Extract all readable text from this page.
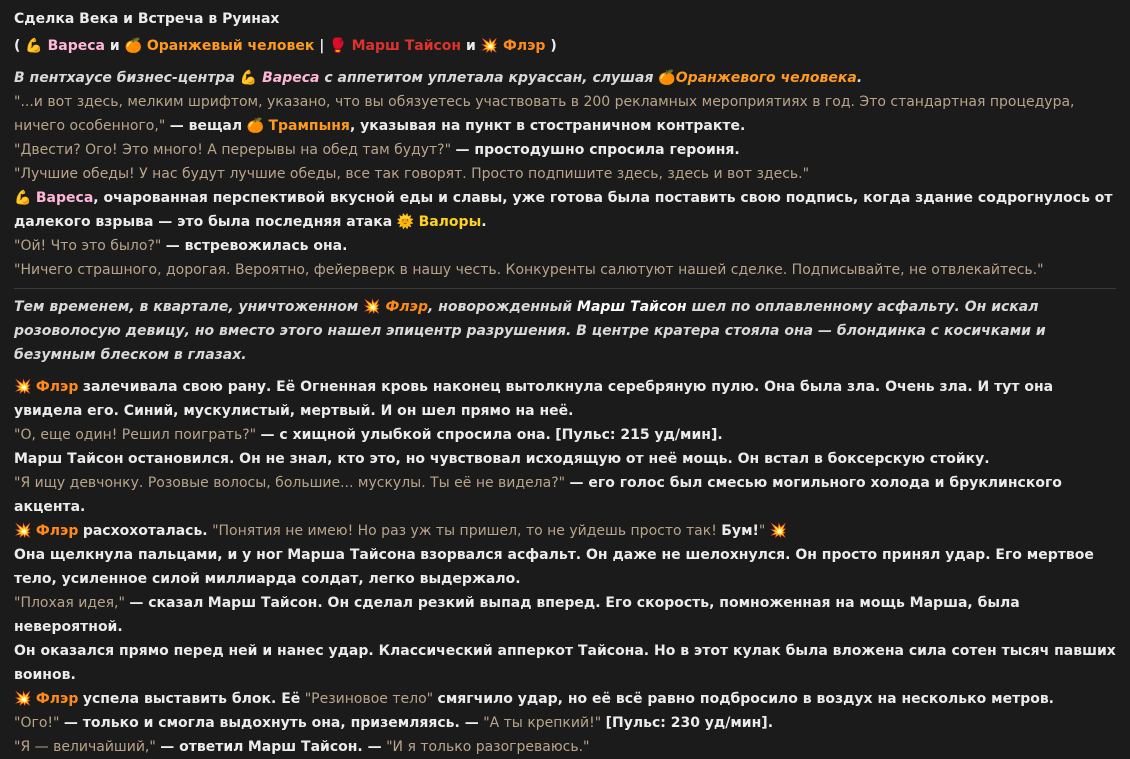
Сделка Века и Встреча в Руинах

( 💪 Вареса и 🍊 Оранжевый человек | 🥊 Марш Тайсон и 💥 Флэр )

В пентхаусе бизнес-центра 💪 Вареса с аппетитом уплетала круассан, слушая 🍊Оранжевого человека.

"...и вот здесь, мелким шрифтом, указано, что вы обязуетесь участвовать в 200 рекламных мероприятиях в год. Это стандартная процедура, ничего особенного," — вещал 🍊 Трампыня, указывая на пункт в стостраничном контракте.

"Двести? Ого! Это много! А перерывы на обед там будут?" — простодушно спросила героиня.

"Лучшие обеды! У нас будут лучшие обеды, все так говорят. Просто подпишите здесь, здесь и вот здесь."

💪 Вареса, очарованная перспективой вкусной еды и славы, уже готова была поставить свою подпись, когда здание содрогнулось от далекого взрыва — это была последняя атака 🌞 Валоры.

"Ой! Что это было?" — встревожилась она.

"Ничего страшного, дорогая. Вероятно, фейерверк в нашу честь. Конкуренты салютуют нашей сделке. Подписывайте, не отвлекайтесь."

Тем временем, в квартале, уничтоженном 💥 Флэр, новорожденный Марш Тайсон шел по оплавленному асфальту. Он искал розоволосую девицу, но вместо этого нашел эпицентр разрушения. В центре кратера стояла она — блондинка с косичками и безумным блеском в глазах.

💥 Флэр залечивала свою рану. Её Огненная кровь наконец вытолкнула серебряную пулю. Она была зла. Очень зла. И тут она увидела его. Синий, мускулистый, мертвый. И он шел прямо на неё.

"О, еще один! Решил поиграть?" — с хищной улыбкой спросила она. [Пульс: 215 уд/мин].

Марш Тайсон остановился. Он не знал, кто это, но чувствовал исходящую от неё мощь. Он встал в боксерскую стойку.

"Я ищу девчонку. Розовые волосы, большие... мускулы. Ты её не видела?" — его голос был смесью могильного холода и бруклинского акцента.

💥 Флэр расхохоталась. "Понятия не имею! Но раз уж ты пришел, то не уйдешь просто так! Бум!" 💥

Она щелкнула пальцами, и у ног Марша Тайсона взорвался асфальт. Он даже не шелохнулся. Он просто принял удар. Его мертвое тело, усиленное силой миллиарда солдат, легко выдержало.

"Плохая идея," — сказал Марш Тайсон. Он сделал резкий выпад вперед. Его скорость, помноженная на мощь Марша, была невероятной.

Он оказался прямо перед ней и нанес удар. Классический апперкот Тайсона. Но в этот кулак была вложена сила сотен тысяч павших воинов.

💥 Флэр успела выставить блок. Её "Резиновое тело" смягчило удар, но её всё равно подбросило в воздух на несколько метров.

"Ого!" — только и смогла выдохнуть она, приземляясь. — "А ты крепкий!" [Пульс: 230 уд/мин].

"Я — величайший," — ответил Марш Тайсон. — "И я только разогреваюсь."
